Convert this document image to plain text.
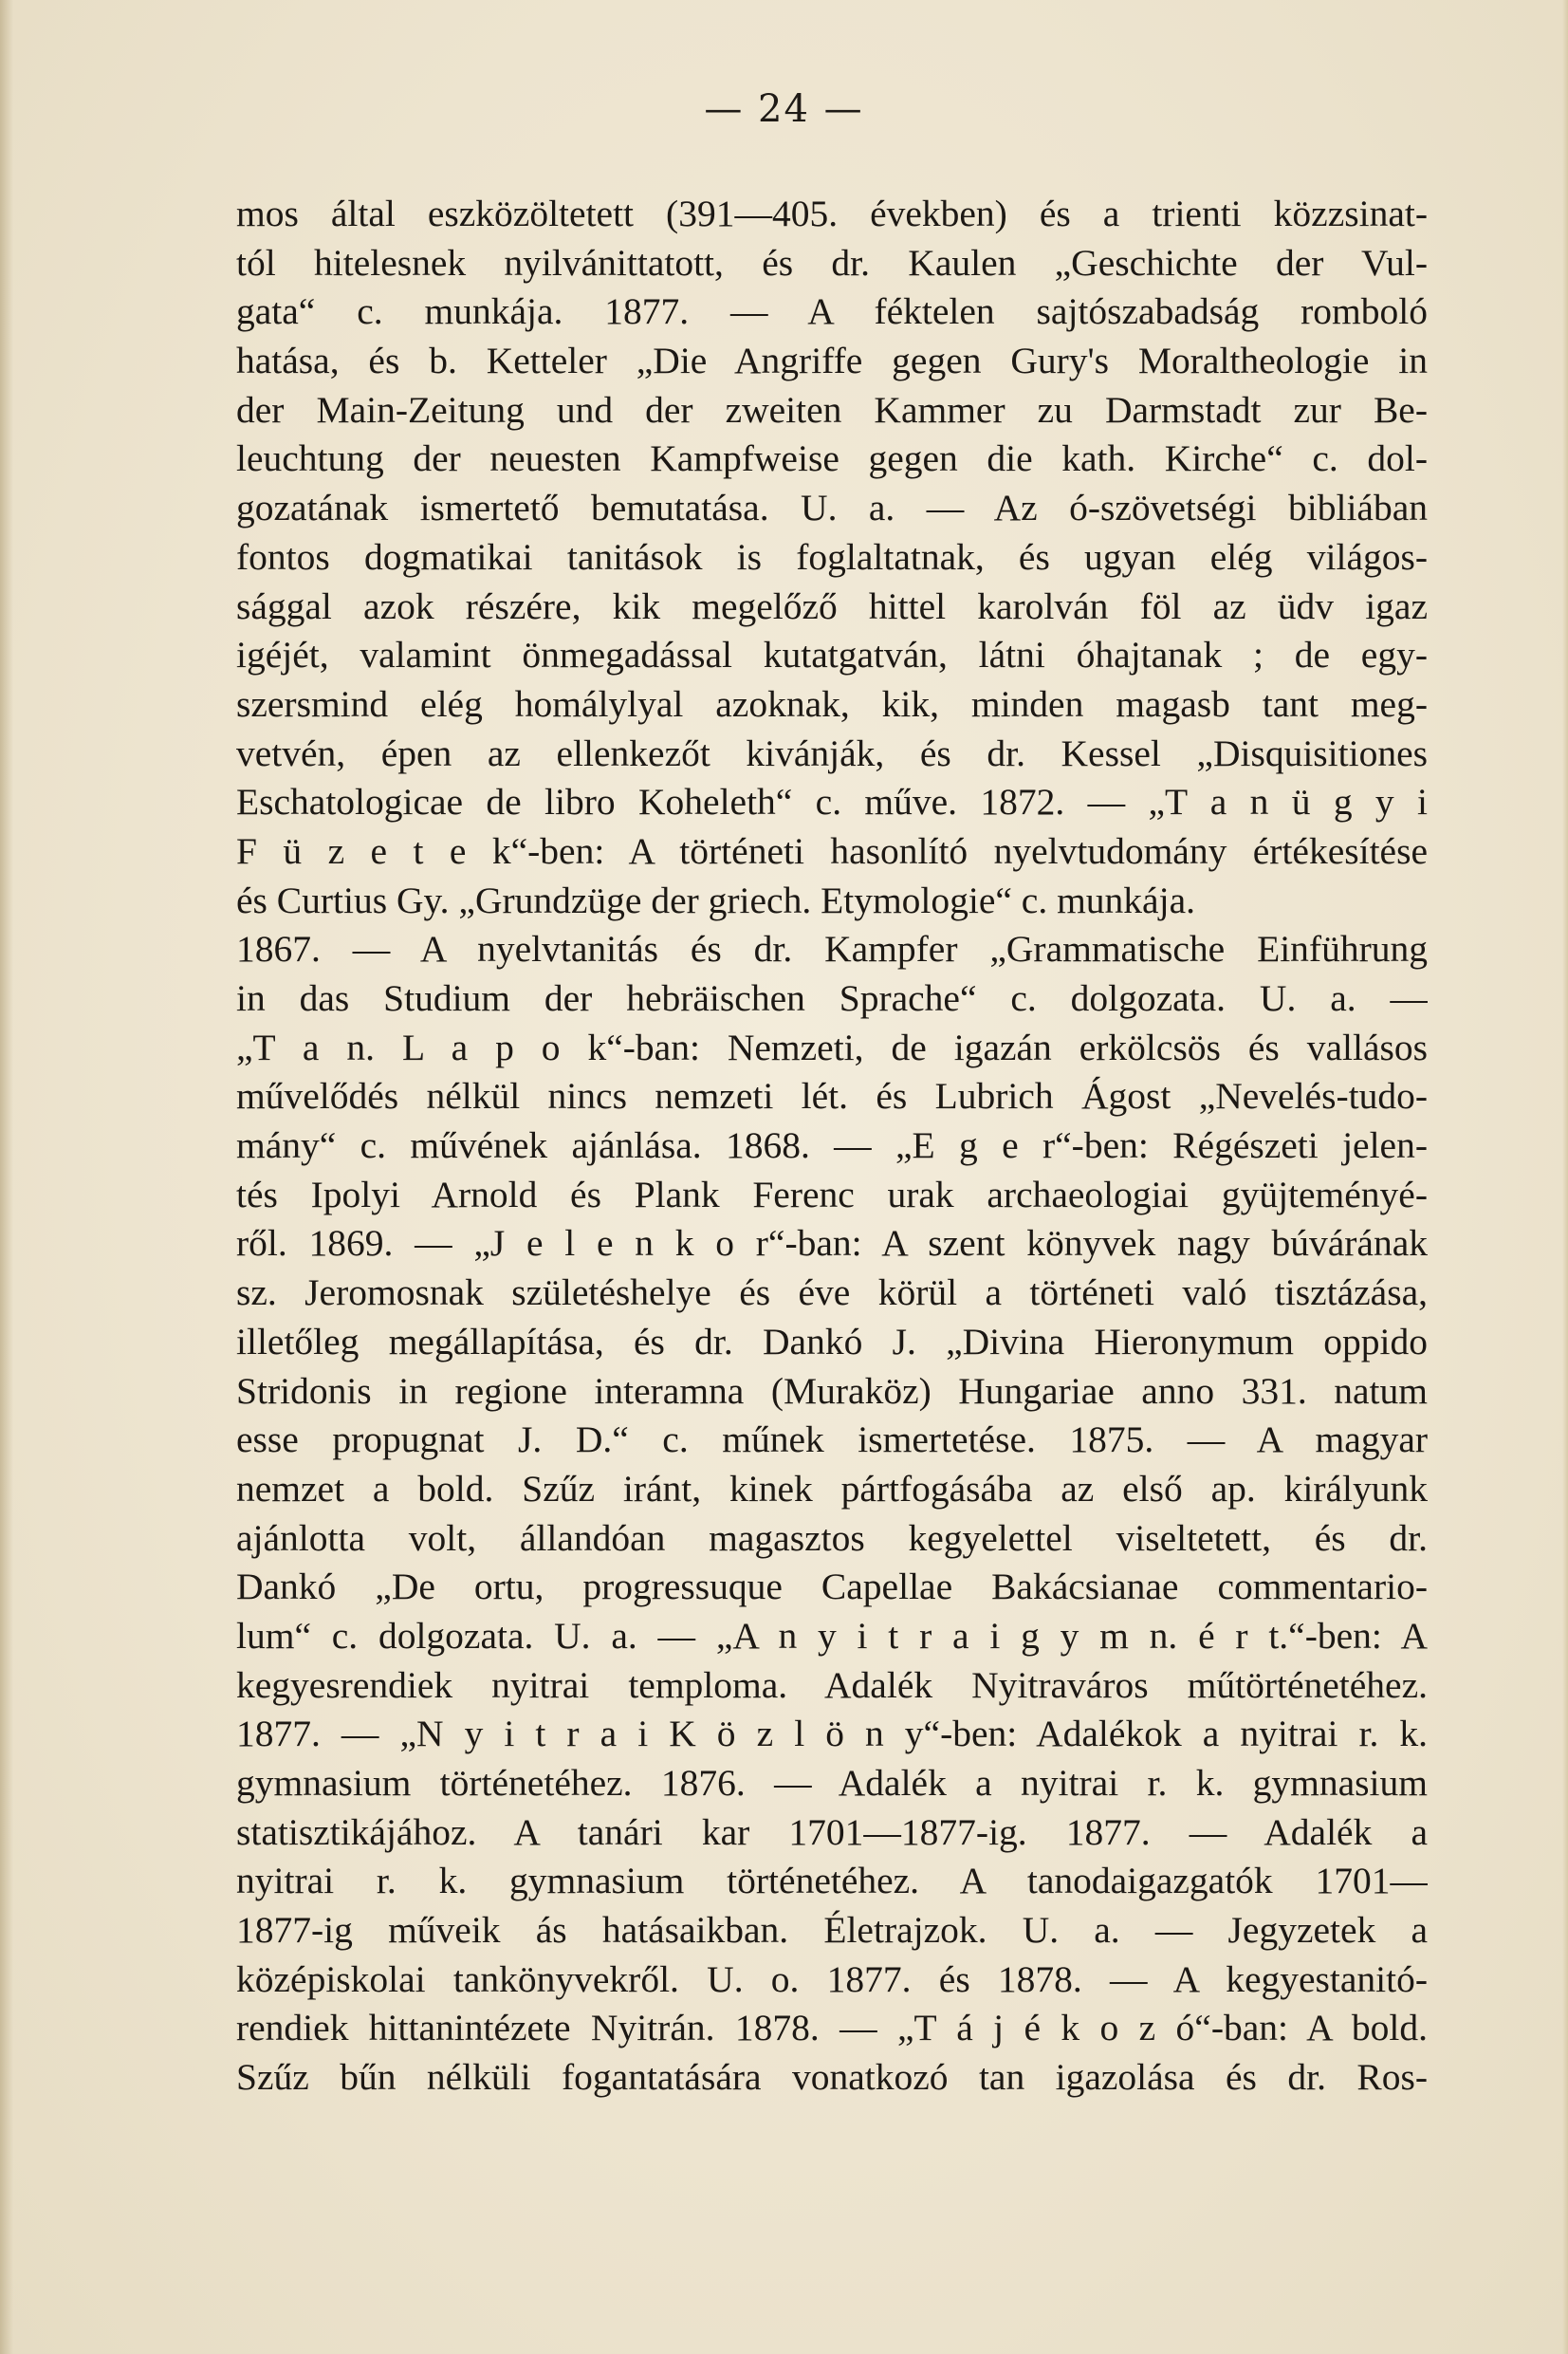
— 24 —
mos által eszközöltetett (391—405. években) és a trienti közzsinat-
tól hitelesnek nyilvánittatott, és dr. Kaulen „Geschichte der Vul-
gata“ c. munkája. 1877. — A féktelen sajtószabadság romboló
hatása, és b. Ketteler „Die Angriffe gegen Gury's Moraltheologie in
der Main-Zeitung und der zweiten Kammer zu Darmstadt zur Be-
leuchtung der neuesten Kampfweise gegen die kath. Kirche“ c. dol-
gozatának ismertető bemutatása. U. a. — Az ó-szövetségi bibliában
fontos dogmatikai tanitások is foglaltatnak, és ugyan elég világos-
sággal azok részére, kik megelőző hittel karolván föl az üdv igaz
igéjét, valamint önmegadással kutatgatván, látni óhajtanak ; de egy-
szersmind elég homálylyal azoknak, kik, minden magasb tant meg-
vetvén, épen az ellenkezőt kivánják, és dr. Kessel „Disquisitiones
Eschatologicae de libro Koheleth“ c. műve. 1872. — „T a n ü g y i
F ü z e t e k“-ben: A történeti hasonlító nyelvtudomány értékesítése
és Curtius Gy. „Grundzüge der griech. Etymologie“ c. munkája.
1867. — A nyelvtanitás és dr. Kampfer „Grammatische Einführung
in das Studium der hebräischen Sprache“ c. dolgozata. U. a. —
„T a n. L a p o k“-ban: Nemzeti, de igazán erkölcsös és vallásos
művelődés nélkül nincs nemzeti lét. és Lubrich Ágost „Nevelés-tudo-
mány“ c. művének ajánlása. 1868. — „E g e r“-ben: Régészeti jelen-
tés Ipolyi Arnold és Plank Ferenc urak archaeologiai gyüjteményé-
ről. 1869. — „J e l e n k o r“-ban: A szent könyvek nagy búvárának
sz. Jeromosnak születéshelye és éve körül a történeti való tisztázása,
illetőleg megállapítása, és dr. Dankó J. „Divina Hieronymum oppido
Stridonis in regione interamna (Muraköz) Hungariae anno 331. natum
esse propugnat J. D.“ c. műnek ismertetése. 1875. — A magyar
nemzet a bold. Szűz iránt, kinek pártfogásába az első ap. királyunk
ajánlotta volt, állandóan magasztos kegyelettel viseltetett, és dr.
Dankó „De ortu, progressuque Capellae Bakácsianae commentario-
lum“ c. dolgozata. U. a. — „A n y i t r a i g y m n. é r t.“-ben: A
kegyesrendiek nyitrai temploma. Adalék Nyitraváros műtörténetéhez.
1877. — „N y i t r a i K ö z l ö n y“-ben: Adalékok a nyitrai r. k.
gymnasium történetéhez. 1876. — Adalék a nyitrai r. k. gymnasium
statisztikájához. A tanári kar 1701—1877-ig. 1877. — Adalék a
nyitrai r. k. gymnasium történetéhez. A tanodaigazgatók 1701—
1877-ig műveik ás hatásaikban. Életrajzok. U. a. — Jegyzetek a
középiskolai tankönyvekről. U. o. 1877. és 1878. — A kegyestanitó-
rendiek hittanintézete Nyitrán. 1878. — „T á j é k o z ó“-ban: A bold.
Szűz bűn nélküli fogantatására vonatkozó tan igazolása és dr. Ros-
